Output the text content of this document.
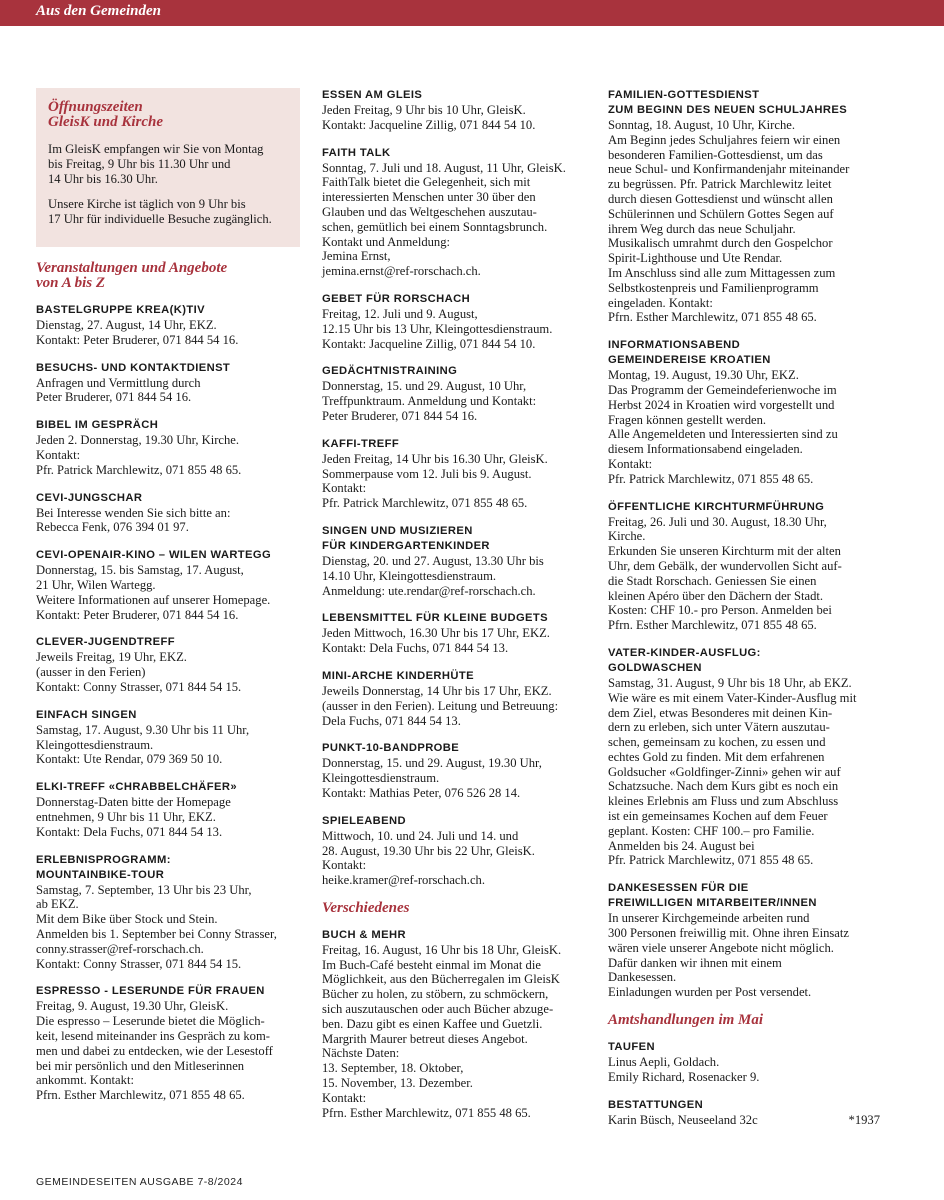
Aus den Gemeinden
Öffnungszeiten
GleisK und Kirche

Im GleisK empfangen wir Sie von Montag
bis Freitag, 9 Uhr bis 11.30 Uhr und
14 Uhr bis 16.30 Uhr.

Unsere Kirche ist täglich von 9 Uhr bis
17 Uhr für individuelle Besuche zugänglich.

Veranstaltungen und Angebote
von A bis Z
BASTELGRUPPE KREA(K)TIV
Dienstag, 27. August, 14 Uhr, EKZ.
Kontakt: Peter Bruderer, 071 844 54 16.
BESUCHS- UND KONTAKTDIENST
Anfragen und Vermittlung durch
Peter Bruderer, 071 844 54 16.
BIBEL IM GESPRÄCH
Jeden 2. Donnerstag, 19.30 Uhr, Kirche.
Kontakt:
Pfr. Patrick Marchlewitz, 071 855 48 65.
CEVI-JUNGSCHAR
Bei Interesse wenden Sie sich bitte an:
Rebecca Fenk, 076 394 01 97.
CEVI-OPENAIR-KINO – WILEN WARTEGG
Donnerstag, 15. bis Samstag, 17. August,
21 Uhr, Wilen Wartegg.
Weitere Informationen auf unserer Homepage.
Kontakt: Peter Bruderer, 071 844 54 16.
CLEVER-JUGENDTREFF
Jeweils Freitag, 19 Uhr, EKZ.
(ausser in den Ferien)
Kontakt: Conny Strasser, 071 844 54 15.
EINFACH SINGEN
Samstag, 17. August, 9.30 Uhr bis 11 Uhr,
Kleingottesdienstraum.
Kontakt: Ute Rendar, 079 369 50 10.
ELKI-TREFF «CHRABBELCHÄFER»
Donnerstag-Daten bitte der Homepage
entnehmen, 9 Uhr bis 11 Uhr, EKZ.
Kontakt: Dela Fuchs, 071 844 54 13.
ERLEBNISPROGRAMM:
MOUNTAINBIKE-TOUR
Samstag, 7. September, 13 Uhr bis 23 Uhr,
ab EKZ.
Mit dem Bike über Stock und Stein.
Anmelden bis 1. September bei Conny Strasser,
conny.strasser@ref-rorschach.ch.
Kontakt: Conny Strasser, 071 844 54 15.
ESPRESSO - LESERUNDE FÜR FRAUEN
Freitag, 9. August, 19.30 Uhr, GleisK.
Die espresso – Leserunde bietet die Möglich-
keit, lesend miteinander ins Gespräch zu kom-
men und dabei zu entdecken, wie der Lesestoff
bei mir persönlich und den Mitleserinnen
ankommt. Kontakt:
Pfrn. Esther Marchlewitz, 071 855 48 65.
ESSEN AM GLEIS
Jeden Freitag, 9 Uhr bis 10 Uhr, GleisK.
Kontakt: Jacqueline Zillig, 071 844 54 10.
FAITH TALK
Sonntag, 7. Juli und 18. August, 11 Uhr, GleisK.
FaithTalk bietet die Gelegenheit, sich mit
interessierten Menschen unter 30 über den
Glauben und das Weltgeschehen auszutau-
schen, gemütlich bei einem Sonntagsbrunch.
Kontakt und Anmeldung:
Jemina Ernst,
jemina.ernst@ref-rorschach.ch.
GEBET FÜR RORSCHACH
Freitag, 12. Juli und 9. August,
12.15 Uhr bis 13 Uhr, Kleingottesdienstraum.
Kontakt: Jacqueline Zillig, 071 844 54 10.
GEDÄCHTNISTRAINING
Donnerstag, 15. und 29. August, 10 Uhr,
Treffpunktraum. Anmeldung und Kontakt:
Peter Bruderer, 071 844 54 16.
KAFFI-TREFF
Jeden Freitag, 14 Uhr bis 16.30 Uhr, GleisK.
Sommerpause vom 12. Juli bis 9. August.
Kontakt:
Pfr. Patrick Marchlewitz, 071 855 48 65.
SINGEN UND MUSIZIEREN
FÜR KINDERGARTENKINDER
Dienstag, 20. und 27. August, 13.30 Uhr bis
14.10 Uhr, Kleingottesdienstraum.
Anmeldung: ute.rendar@ref-rorschach.ch.
LEBENSMITTEL FÜR KLEINE BUDGETS
Jeden Mittwoch, 16.30 Uhr bis 17 Uhr, EKZ.
Kontakt: Dela Fuchs, 071 844 54 13.
MINI-ARCHE KINDERHÜTE
Jeweils Donnerstag, 14 Uhr bis 17 Uhr, EKZ.
(ausser in den Ferien). Leitung und Betreuung:
Dela Fuchs, 071 844 54 13.
PUNKT-10-BANDPROBE
Donnerstag, 15. und 29. August, 19.30 Uhr,
Kleingottesdienstraum.
Kontakt: Mathias Peter, 076 526 28 14.
SPIELEABEND
Mittwoch, 10. und 24. Juli und 14. und
28. August, 19.30 Uhr bis 22 Uhr, GleisK.
Kontakt:
heike.kramer@ref-rorschach.ch.
Verschiedenes
BUCH & MEHR
Freitag, 16. August, 16 Uhr bis 18 Uhr, GleisK.
Im Buch-Café besteht einmal im Monat die
Möglichkeit, aus den Bücherregalen im GleisK
Bücher zu holen, zu stöbern, zu schmöckern,
sich auszutauschen oder auch Bücher abzuge-
ben. Dazu gibt es einen Kaffee und Guetzli.
Margrith Maurer betreut dieses Angebot.
Nächste Daten:
13. September, 18. Oktober,
15. November, 13. Dezember.
Kontakt:
Pfrn. Esther Marchlewitz, 071 855 48 65.
FAMILIEN-GOTTESDIENST
ZUM BEGINN DES NEUEN SCHULJAHRES
Sonntag, 18. August, 10 Uhr, Kirche.
Am Beginn jedes Schuljahres feiern wir einen
besonderen Familien-Gottesdienst, um das
neue Schul- und Konfirmandenjahr miteinander
zu begrüssen. Pfr. Patrick Marchlewitz leitet
durch diesen Gottesdienst und wünscht allen
Schülerinnen und Schülern Gottes Segen auf
ihrem Weg durch das neue Schuljahr.
Musikalisch umrahmt durch den Gospelchor
Spirit-Lighthouse und Ute Rendar.
Im Anschluss sind alle zum Mittagessen zum
Selbstkostenpreis und Familienprogramm
eingeladen. Kontakt:
Pfrn. Esther Marchlewitz, 071 855 48 65.
INFORMATIONSABEND
GEMEINDEREISE KROATIEN
Montag, 19. August, 19.30 Uhr, EKZ.
Das Programm der Gemeindeferienwoche im
Herbst 2024 in Kroatien wird vorgestellt und
Fragen können gestellt werden.
Alle Angemeldeten und Interessierten sind zu
diesem Informationsabend eingeladen.
Kontakt:
Pfr. Patrick Marchlewitz, 071 855 48 65.
ÖFFENTLICHE KIRCHTURMFÜHRUNG
Freitag, 26. Juli und 30. August, 18.30 Uhr,
Kirche.
Erkunden Sie unseren Kirchturm mit der alten
Uhr, dem Gebälk, der wundervollen Sicht auf-
die Stadt Rorschach. Geniessen Sie einen
kleinen Apéro über den Dächern der Stadt.
Kosten: CHF 10.- pro Person. Anmelden bei
Pfrn. Esther Marchlewitz, 071 855 48 65.
VATER-KINDER-AUSFLUG:
GOLDWASCHEN
Samstag, 31. August, 9 Uhr bis 18 Uhr, ab EKZ.
Wie wäre es mit einem Vater-Kinder-Ausflug mit
dem Ziel, etwas Besonderes mit deinen Kin-
dern zu erleben, sich unter Vätern auszutau-
schen, gemeinsam zu kochen, zu essen und
echtes Gold zu finden. Mit dem erfahrenen
Goldsucher «Goldfinger-Zinni» gehen wir auf
Schatzsuche. Nach dem Kurs gibt es noch ein
kleines Erlebnis am Fluss und zum Abschluss
ist ein gemeinsames Kochen auf dem Feuer
geplant. Kosten: CHF 100.– pro Familie.
Anmelden bis 24. August bei
Pfr. Patrick Marchlewitz, 071 855 48 65.
DANKESESSEN FÜR DIE
FREIWILLIGEN MITARBEITER/INNEN
In unserer Kirchgemeinde arbeiten rund
300 Personen freiwillig mit. Ohne ihren Einsatz
wären viele unserer Angebote nicht möglich.
Dafür danken wir ihnen mit einem
Dankesessen.
Einladungen wurden per Post versendet.
Amtshandlungen im Mai
TAUFEN
Linus Aepli, Goldach.
Emily Richard, Rosenacker 9.
BESTATTUNGEN
Karin Büsch, Neuseeland 32c	*1937
GEMEINDESEITEN AUSGABE 7-8/2024
